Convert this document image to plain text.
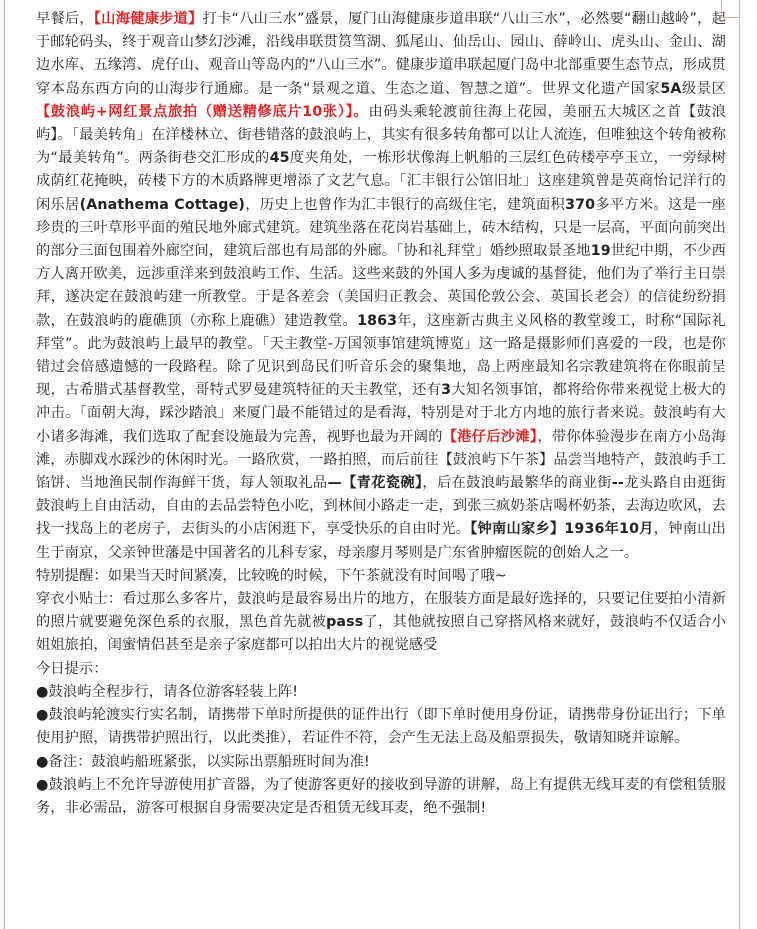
早餐后，【山海健康步道】打卡“八山三水”盛景，厦门山海健康步道串联“八山三水”，必然要“翻山越岭”，起于邮轮码头，终于观音山梦幻沙滩，沿线串联贯筼筜湖、狐尾山、仙岳山、园山、薛岭山、虎头山、金山、湖边水库、五缘湾、虎仔山、观音山等岛内的“八山三水”。健康步道串联起厦门岛中北部重要生态节点，形成贯穿本岛东西方向的山海步行通廊。是一条“景观之道、生态之道、智慧之道”。世界文化遗产国家5A级景区【鼓浪屿+网红景点旅拍（赠送精修底片10张）】。由码头乘轮渡前往海上花园，美丽五大城区之首【鼓浪屿】。「最美转角」在洋楼林立、街巷错落的鼓浪屿上，其实有很多转角都可以让人流连，但唯独这个转角被称为“最美转角”。两条街巷交汇形成的45度夹角处，一栋形状像海上帆船的三层红色砖楼亭亭玉立，一旁绿树成荫红花掩映，砖楼下方的木质路牌更增添了文艺气息。「汇丰银行公馆旧址」这座建筑曾是英商怡记洋行的闲乐居(Anathema Cottage)，历史上也曾作为汇丰银行的高级住宅，建筑面积370多平方米。这是一座珍贵的三叶草形平面的殖民地外廊式建筑。建筑坐落在花岗岩基础上，砖木结构，只是一层高，平面向前突出的部分三面包围着外廊空间，建筑后部也有局部的外廊。「协和礼拜堂」婚纱照取景圣地19世纪中期，不少西方人离开欧美，远涉重洋来到鼓浪屿工作、生活。这些来鼓的外国人多为虔诚的基督徒，他们为了举行主日崇拜，遂决定在鼓浪屿建一所教堂。于是各差会（美国归正教会、英国伦敦公会、英国长老会）的信徒纷纷捐款，在鼓浪屿的鹿礁顶（亦称上鹿礁）建造教堂。1863年，这座新古典主义风格的教堂竣工，时称“国际礼拜堂”。此为鼓浪屿上最早的教堂。「天主教堂-万国领事馆建筑博览」这一路是摄影师们喜爱的一段，也是你错过会倍感遗憾的一段路程。除了见识到岛民们听音乐会的聚集地，岛上两座最知名宗教建筑将在你眼前呈现，古希腊式基督教堂，哥特式罗曼建筑特征的天主教堂，还有3大知名领事馆，都将给你带来视觉上极大的冲击。「面朝大海，踩沙踏浪」来厦门最不能错过的是看海，特别是对于北方内地的旅行者来说。鼓浪屿有大小诸多海滩，我们选取了配套设施最为完善，视野也最为开阔的【港仔后沙滩】，带你体验漫步在南方小岛海滩，赤脚戏水踩沙的休闲时光。一路欣赏，一路拍照，而后前往【鼓浪屿下午茶】品尝当地特产，鼓浪屿手工馅饼、当地渔民制作海鲜干货，每人领取礼品—【青花瓷碗】，后在鼓浪屿最繁华的商业街--龙头路自由逛街鼓浪屿上自由活动，自由的去品尝特色小吃，到林间小路走一走，到张三疯奶茶店喝杯奶茶，去海边吹风，去找一找岛上的老房子，去街头的小店闲逛下，享受快乐的自由时光。【钟南山家乡】1936年10月，钟南山出生于南京，父亲钟世藩是中国著名的儿科专家，母亲廖月琴则是广东省肿瘤医院的创始人之一。

特别提醒：如果当天时间紧凑，比较晚的时候，下午茶就没有时间喝了哦~

穿衣小贴士：看过那么多客片，鼓浪屿是最容易出片的地方，在服装方面是最好选择的，只要记住要拍小清新的照片就要避免深色系的衣服，黑色首先就被pass了，其他就按照自己穿搭风格来就好，鼓浪屿不仅适合小姐姐旅拍，闺蜜情侣甚至是亲子家庭都可以拍出大片的视觉感受

今日提示：

●鼓浪屿全程步行，请各位游客轻装上阵!

●鼓浪屿轮渡实行实名制，请携带下单时所提供的证件出行（即下单时使用身份证，请携带身份证出行；下单使用护照，请携带护照出行，以此类推），若证件不符，会产生无法上岛及船票损失，敬请知晓并谅解。

●备注：鼓浪屿船班紧张，以实际出票船班时间为准!

●鼓浪屿上不允许导游使用扩音器，为了使游客更好的接收到导游的讲解，岛上有提供无线耳麦的有偿租赁服务，非必需品，游客可根据自身需要决定是否租赁无线耳麦，绝不强制!
